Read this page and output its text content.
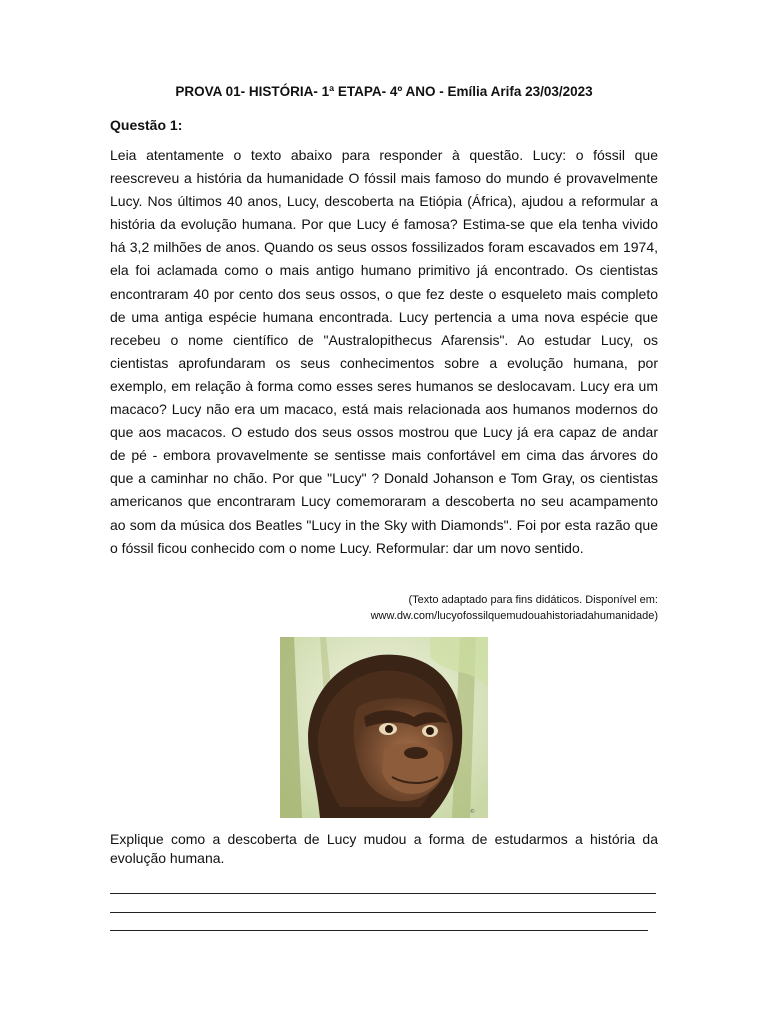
PROVA 01- HISTÓRIA- 1ª ETAPA- 4º ANO - Emília Arifa 23/03/2023
Questão 1:
Leia atentamente o texto abaixo para responder à questão. Lucy: o fóssil que reescreveu a história da humanidade O fóssil mais famoso do mundo é provavelmente Lucy. Nos últimos 40 anos, Lucy, descoberta na Etiópia (África), ajudou a reformular a história da evolução humana. Por que Lucy é famosa? Estima-se que ela tenha vivido há 3,2 milhões de anos. Quando os seus ossos fossilizados foram escavados em 1974, ela foi aclamada como o mais antigo humano primitivo já encontrado. Os cientistas encontraram 40 por cento dos seus ossos, o que fez deste o esqueleto mais completo de uma antiga espécie humana encontrada. Lucy pertencia a uma nova espécie que recebeu o nome científico de "Australopithecus Afarensis". Ao estudar Lucy, os cientistas aprofundaram os seus conhecimentos sobre a evolução humana, por exemplo, em relação à forma como esses seres humanos se deslocavam. Lucy era um macaco? Lucy não era um macaco, está mais relacionada aos humanos modernos do que aos macacos. O estudo dos seus ossos mostrou que Lucy já era capaz de andar de pé - embora provavelmente se sentisse mais confortável em cima das árvores do que a caminhar no chão. Por que "Lucy" ? Donald Johanson e Tom Gray, os cientistas americanos que encontraram Lucy comemoraram a descoberta no seu acampamento ao som da música dos Beatles "Lucy in the Sky with Diamonds". Foi por esta razão que o fóssil ficou conhecido com o nome Lucy. Reformular: dar um novo sentido.
(Texto adaptado para fins didáticos. Disponível em:
www.dw.com/lucyofossilquemudouahistoriadahumanidade)
©
Explique como a descoberta de Lucy mudou a forma de estudarmos a história da evolução humana.
